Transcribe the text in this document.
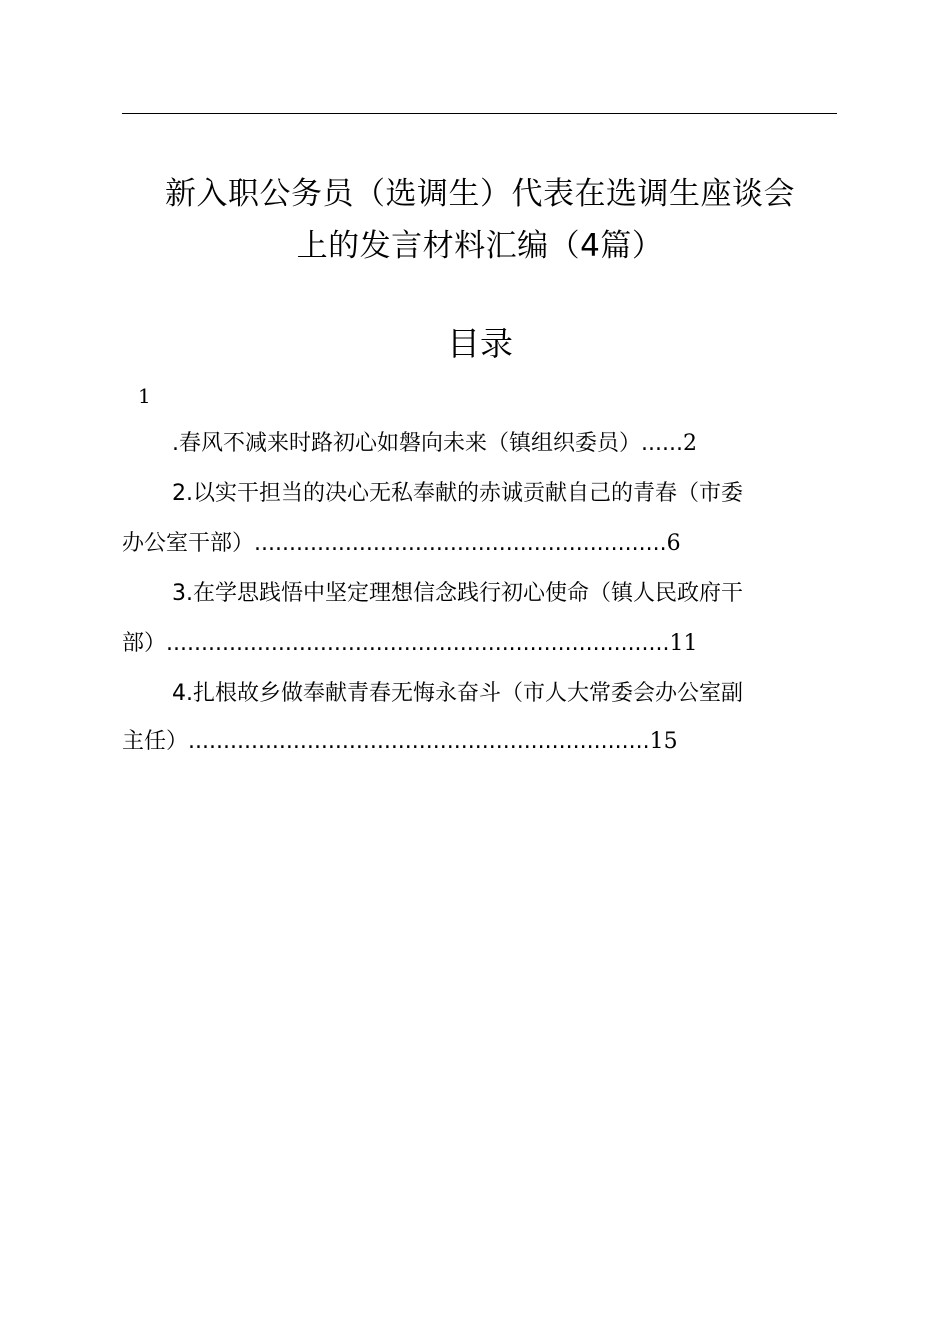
新入职公务员（选调生）代表在选调生座谈会
上的发言材料汇编（4篇）
目录
1
.春风不减来时路初心如磐向未来（镇组织委员）......2
2.以实干担当的决心无私奉献的赤诚贡献自己的青春（市委
办公室干部）...........................................................6
3.在学思践悟中坚定理想信念践行初心使命（镇人民政府干
部）........................................................................11
4.扎根故乡做奉献青春无悔永奋斗（市人大常委会办公室副
主任）..................................................................15
